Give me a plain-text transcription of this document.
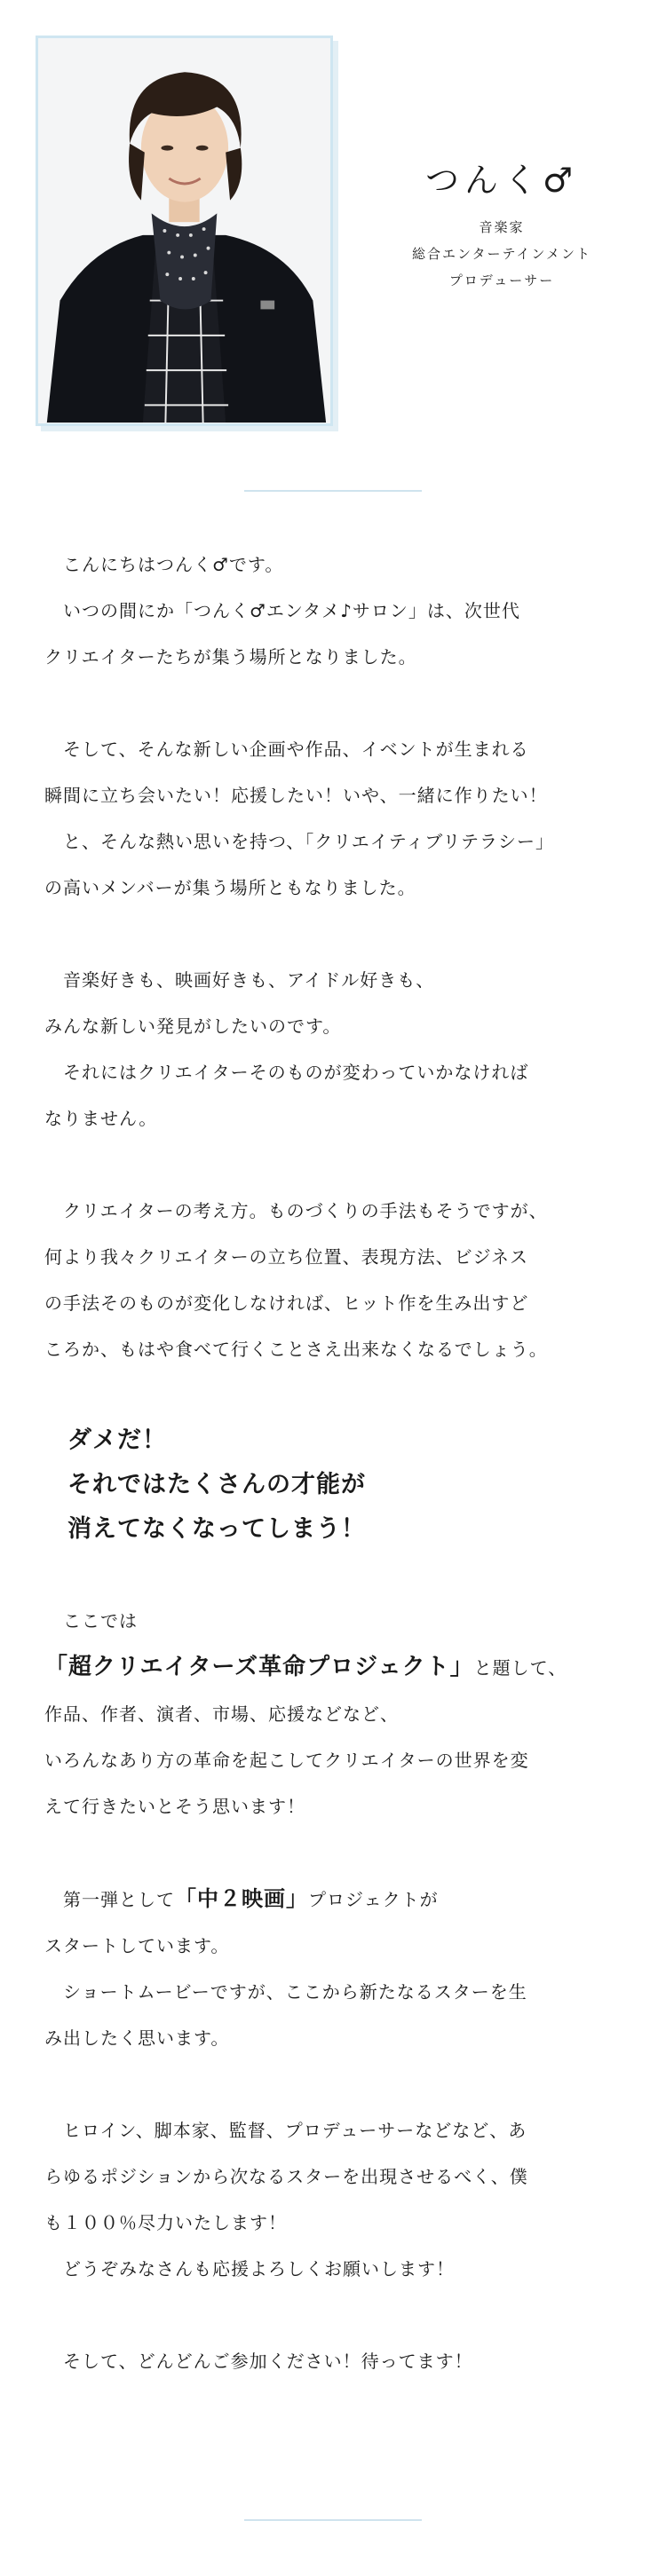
つんく♂
音楽家
総合エンターテインメント
プロデューサー

　こんにちはつんく♂です。
　いつの間にか「つんく♂エンタメ♪サロン」は、次世代
クリエイターたちが集う場所となりました。

　そして、そんな新しい企画や作品、イベントが生まれる
瞬間に立ち会いたい！応援したい！いや、一緒に作りたい！
　と、そんな熱い思いを持つ、「クリエイティブリテラシー」
の高いメンバーが集う場所ともなりました。

　音楽好きも、映画好きも、アイドル好きも、
みんな新しい発見がしたいのです。
　それにはクリエイターそのものが変わっていかなければ
なりません。

　クリエイターの考え方。ものづくりの手法もそうですが、
何より我々クリエイターの立ち位置、表現方法、ビジネス
の手法そのものが変化しなければ、ヒット作を生み出すど
ころか、もはや食べて行くことさえ出来なくなるでしょう。

ダメだ！
それではたくさんの才能が
消えてなくなってしまう！

　ここでは
「超クリエイターズ革命プロジェクト」と題して、
作品、作者、演者、市場、応援などなど、
いろんなあり方の革命を起こしてクリエイターの世界を変
えて行きたいとそう思います！

　第一弾として「中２映画」プロジェクトが
スタートしています。
　ショートムービーですが、ここから新たなるスターを生
み出したく思います。

　ヒロイン、脚本家、監督、プロデューサーなどなど、あ
らゆるポジションから次なるスターを出現させるべく、僕
も１００％尽力いたします！
　どうぞみなさんも応援よろしくお願いします！

　そして、どんどんご参加ください！待ってます！
